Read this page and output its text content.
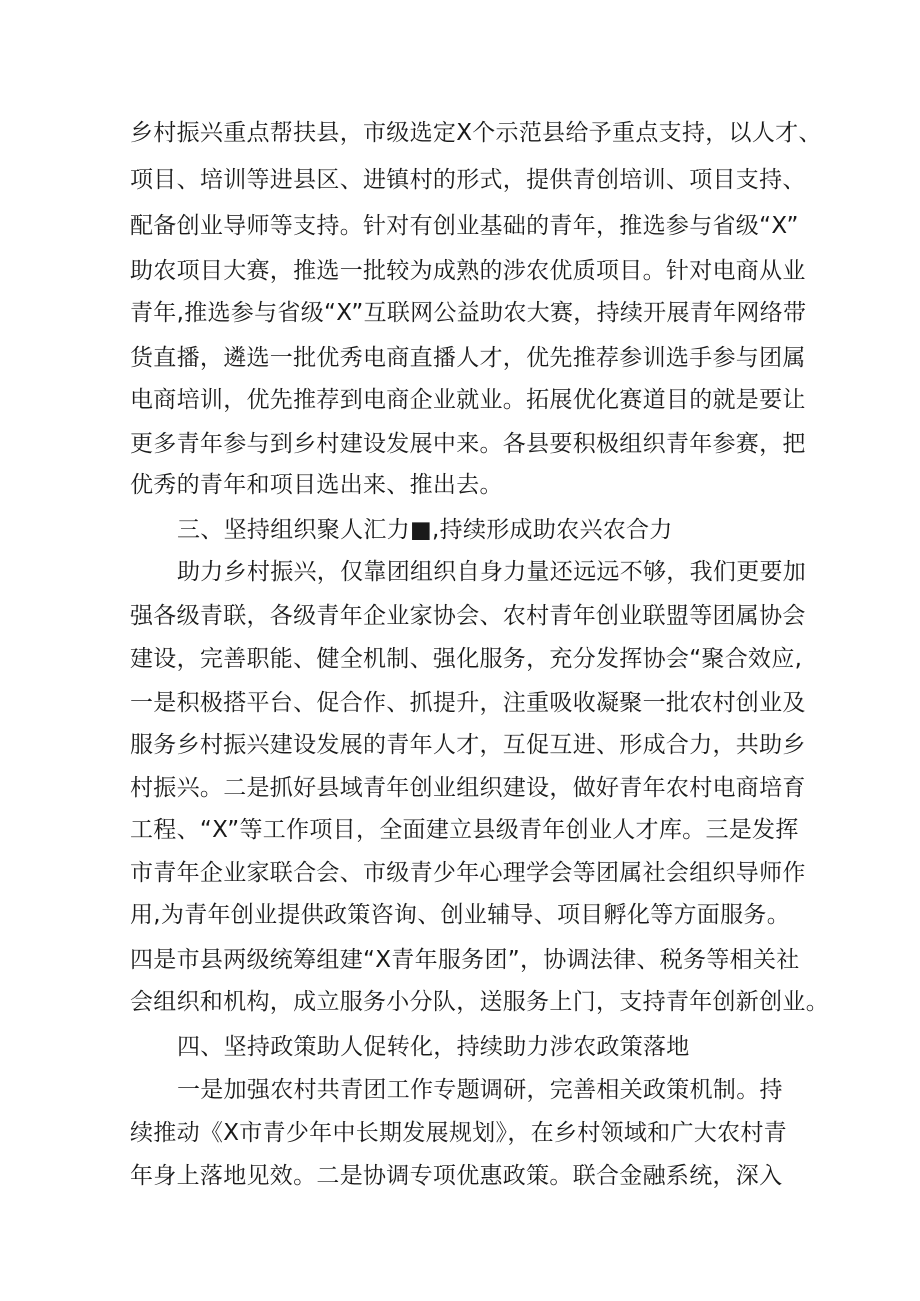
乡村振兴重点帮扶县，市级选定X个示范县给予重点支持，以人才、
项目、培训等进县区、进镇村的形式，提供青创培训、项目支持、
配备创业导师等支持。针对有创业基础的青年，推选参与省级“X”
助农项目大赛，推选一批较为成熟的涉农优质项目。针对电商从业
青年,推选参与省级“X”互联网公益助农大赛，持续开展青年网络带
货直播，遴选一批优秀电商直播人才，优先推荐参训选手参与团属
电商培训，优先推荐到电商企业就业。拓展优化赛道目的就是要让
更多青年参与到乡村建设发展中来。各县要积极组织青年参赛，把
优秀的青年和项目选出来、推出去。
三、坚持组织聚人汇力■,持续形成助农兴农合力
助力乡村振兴，仅靠团组织自身力量还远远不够，我们更要加
强各级青联，各级青年企业家协会、农村青年创业联盟等团属协会
建设，完善职能、健全机制、强化服务，充分发挥协会“聚合效应,
一是积极搭平台、促合作、抓提升，注重吸收凝聚一批农村创业及
服务乡村振兴建设发展的青年人才，互促互进、形成合力，共助乡
村振兴。二是抓好县域青年创业组织建设，做好青年农村电商培育
工程、“X”等工作项目，全面建立县级青年创业人才库。三是发挥
市青年企业家联合会、市级青少年心理学会等团属社会组织导师作
用,为青年创业提供政策咨询、创业辅导、项目孵化等方面服务。
四是市县两级统筹组建“X青年服务团”，协调法律、税务等相关社
会组织和机构，成立服务小分队，送服务上门，支持青年创新创业。
四、坚持政策助人促转化，持续助力涉农政策落地
一是加强农村共青团工作专题调研，完善相关政策机制。持
续推动《X市青少年中长期发展规划》，在乡村领域和广大农村青
年身上落地见效。二是协调专项优惠政策。联合金融系统，深入
